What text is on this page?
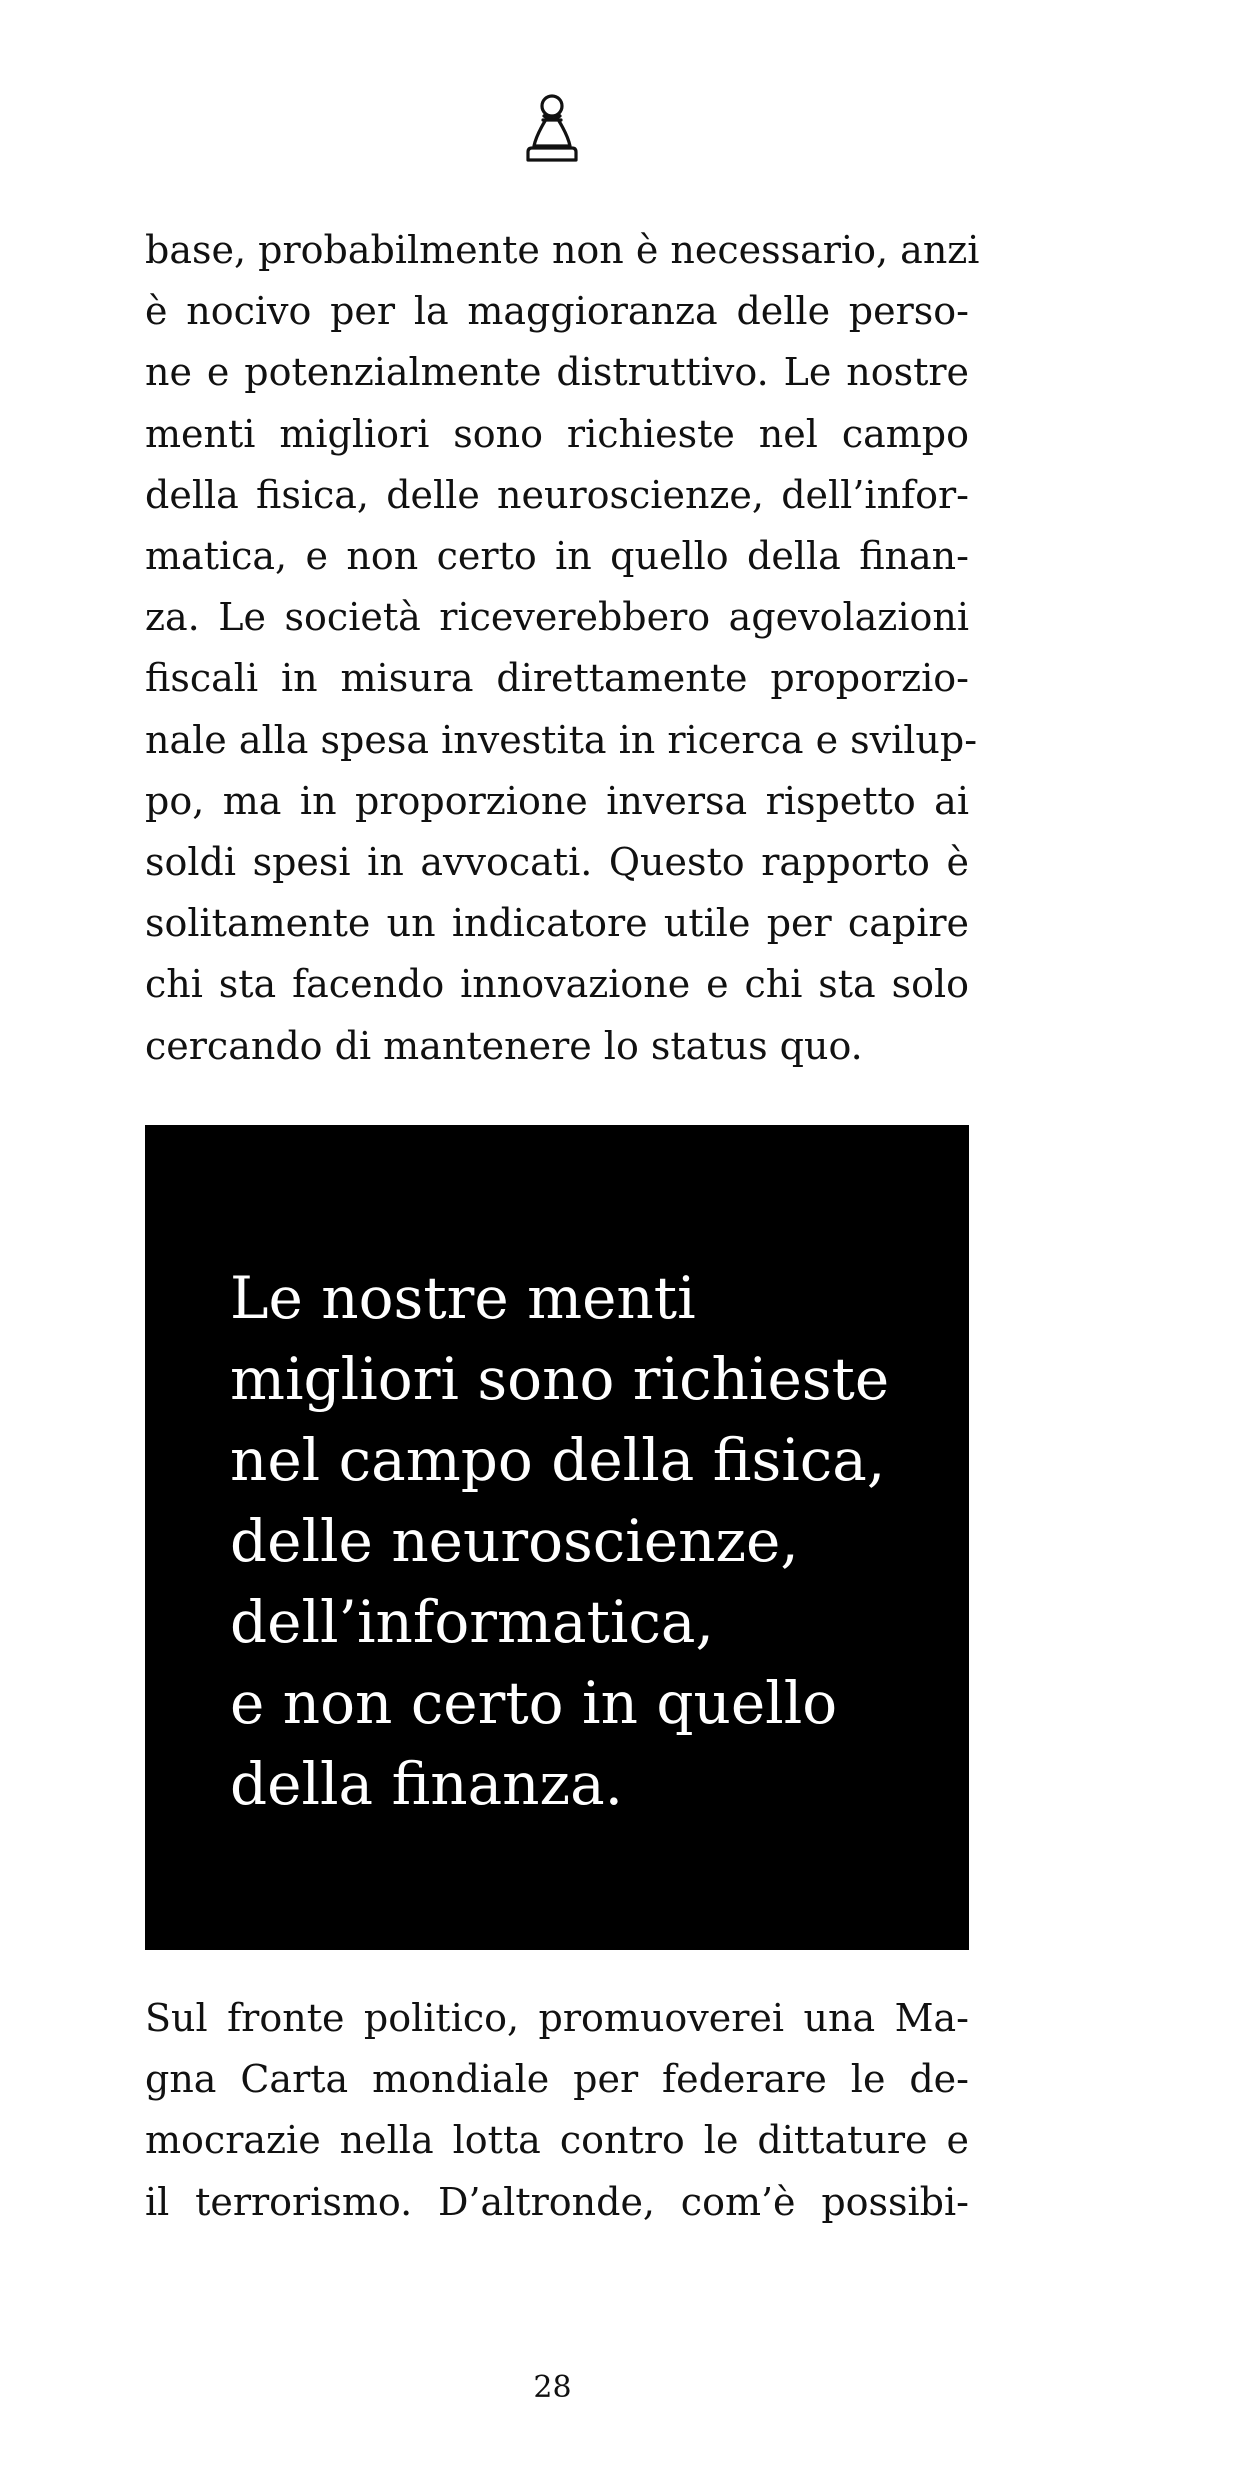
base, probabilmente non è necessario, anzi
è nocivo per la maggioranza delle perso-
ne e potenzialmente distruttivo. Le nostre
menti migliori sono richieste nel campo
della fisica, delle neuroscienze, dell’infor-
matica, e non certo in quello della finan-
za. Le società riceverebbero agevolazioni
fiscali in misura direttamente proporzio-
nale alla spesa investita in ricerca e svilup-
po, ma in proporzione inversa rispetto ai
soldi spesi in avvocati. Questo rapporto è
solitamente un indicatore utile per capire
chi sta facendo innovazione e chi sta solo
cercando di mantenere lo status quo.

Le nostre menti
migliori sono richieste
nel campo della fisica,
delle neuroscienze,
dell’informatica,
e non certo in quello
della finanza.

Sul fronte politico, promuoverei una Ma-
gna Carta mondiale per federare le de-
mocrazie nella lotta contro le dittature e
il terrorismo. D’altronde, com’è possibi-

28
